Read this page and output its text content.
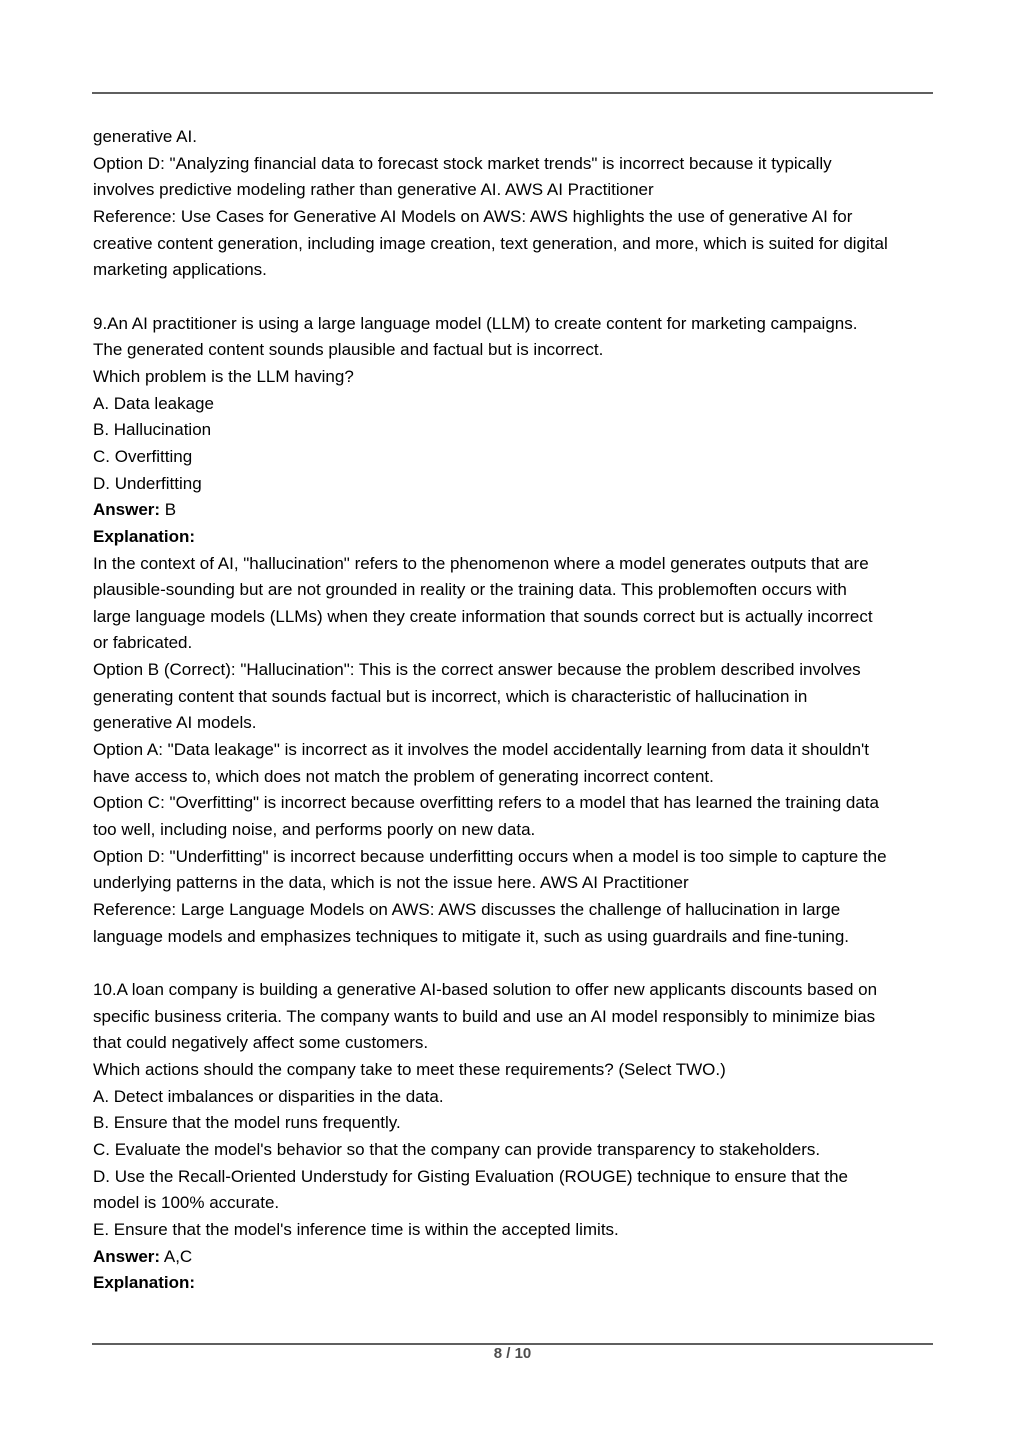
generative AI.
Option D: "Analyzing financial data to forecast stock market trends" is incorrect because it typically
involves predictive modeling rather than generative AI. AWS AI Practitioner
Reference: Use Cases for Generative AI Models on AWS: AWS highlights the use of generative AI for
creative content generation, including image creation, text generation, and more, which is suited for digital
marketing applications.
9.An AI practitioner is using a large language model (LLM) to create content for marketing campaigns.
The generated content sounds plausible and factual but is incorrect.
Which problem is the LLM having?
A. Data leakage
B. Hallucination
C. Overfitting
D. Underfitting
Answer: B
Explanation:
In the context of AI, "hallucination" refers to the phenomenon where a model generates outputs that are
plausible-sounding but are not grounded in reality or the training data. This problemoften occurs with
large language models (LLMs) when they create information that sounds correct but is actually incorrect
or fabricated.
Option B (Correct): "Hallucination": This is the correct answer because the problem described involves
generating content that sounds factual but is incorrect, which is characteristic of hallucination in
generative AI models.
Option A: "Data leakage" is incorrect as it involves the model accidentally learning from data it shouldn't
have access to, which does not match the problem of generating incorrect content.
Option C: "Overfitting" is incorrect because overfitting refers to a model that has learned the training data
too well, including noise, and performs poorly on new data.
Option D: "Underfitting" is incorrect because underfitting occurs when a model is too simple to capture the
underlying patterns in the data, which is not the issue here. AWS AI Practitioner
Reference: Large Language Models on AWS: AWS discusses the challenge of hallucination in large
language models and emphasizes techniques to mitigate it, such as using guardrails and fine-tuning.
10.A loan company is building a generative AI-based solution to offer new applicants discounts based on
specific business criteria. The company wants to build and use an AI model responsibly to minimize bias
that could negatively affect some customers.
Which actions should the company take to meet these requirements? (Select TWO.)
A. Detect imbalances or disparities in the data.
B. Ensure that the model runs frequently.
C. Evaluate the model's behavior so that the company can provide transparency to stakeholders.
D. Use the Recall-Oriented Understudy for Gisting Evaluation (ROUGE) technique to ensure that the
model is 100% accurate.
E. Ensure that the model's inference time is within the accepted limits.
Answer: A,C
Explanation:
8 / 10
